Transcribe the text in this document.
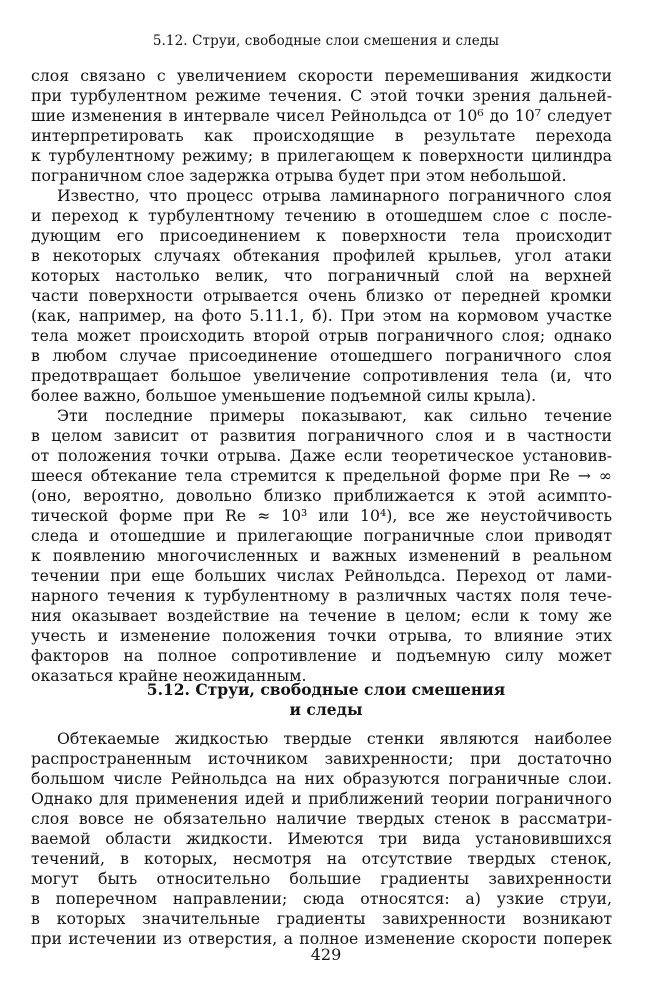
5.12. Струи, свободные слои смешения и следы
слоя связано с увеличением скорости перемешивания жидкости
при турбулентном режиме течения. С этой точки зрения дальней-
шие изменения в интервале чисел Рейнольдса от 10⁶ до 10⁷ следует
интерпретировать как происходящие в результате перехода
к турбулентному режиму; в прилегающем к поверхности цилиндра
пограничном слое задержка отрыва будет при этом небольшой.
Известно, что процесс отрыва ламинарного пограничного слоя
и переход к турбулентному течению в отошедшем слое с после-
дующим его присоединением к поверхности тела происходит
в некоторых случаях обтекания профилей крыльев, угол атаки
которых настолько велик, что пограничный слой на верхней
части поверхности отрывается очень близко от передней кромки
(как, например, на фото 5.11.1, б). При этом на кормовом участке
тела может происходить второй отрыв пограничного слоя; однако
в любом случае присоединение отошедшего пограничного слоя
предотвращает большое увеличение сопротивления тела (и, что
более важно, большое уменьшение подъемной силы крыла).
Эти последние примеры показывают, как сильно течение
в целом зависит от развития пограничного слоя и в частности
от положения точки отрыва. Даже если теоретическое установив-
шееся обтекание тела стремится к предельной форме при Re → ∞
(оно, вероятно, довольно близко приближается к этой асимпто-
тической форме при Re ≈ 10³ или 10⁴), все же неустойчивость
следа и отошедшие и прилегающие пограничные слои приводят
к появлению многочисленных и важных изменений в реальном
течении при еще больших числах Рейнольдса. Переход от лами-
нарного течения к турбулентному в различных частях поля тече-
ния оказывает воздействие на течение в целом; если к тому же
учесть и изменение положения точки отрыва, то влияние этих
факторов на полное сопротивление и подъемную силу может
оказаться крайне неожиданным.
5.12. Струи, свободные слои смешения
и следы
Обтекаемые жидкостью твердые стенки являются наиболее
распространенным источником завихренности; при достаточно
большом числе Рейнольдса на них образуются пограничные слои.
Однако для применения идей и приближений теории пограничного
слоя вовсе не обязательно наличие твердых стенок в рассматри-
ваемой области жидкости. Имеются три вида установившихся
течений, в которых, несмотря на отсутствие твердых стенок,
могут быть относительно большие градиенты завихренности
в поперечном направлении; сюда относятся: а) узкие струи,
в которых значительные градиенты завихренности возникают
при истечении из отверстия, а полное изменение скорости поперек
429
